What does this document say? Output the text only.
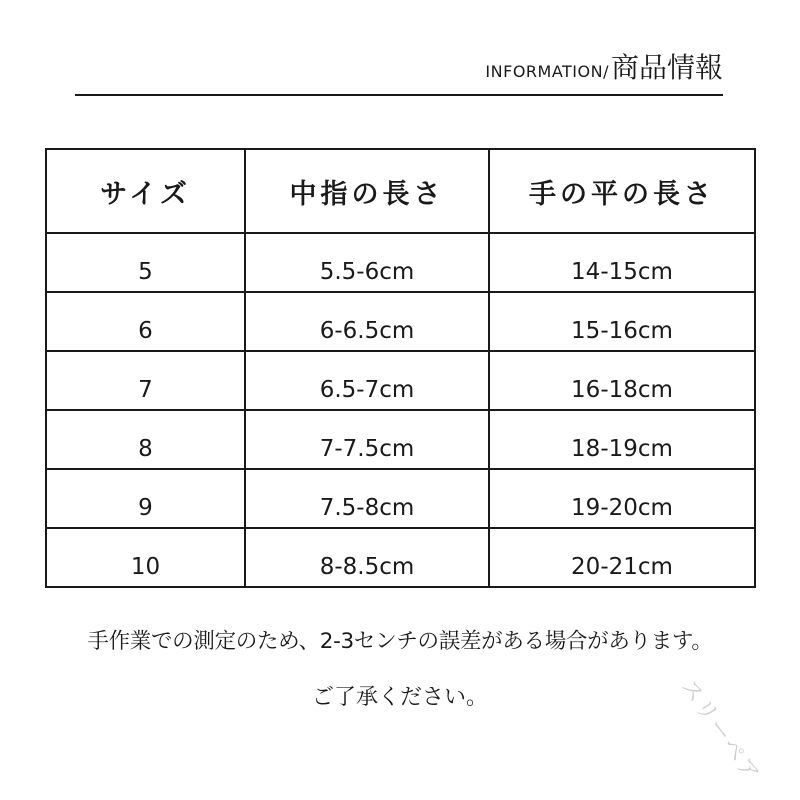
INFORMATION/ 商品情報
サイズ	中指の長さ	手の平の長さ
5	5.5-6cm	14-15cm
6	6-6.5cm	15-16cm
7	6.5-7cm	16-18cm
8	7-7.5cm	18-19cm
9	7.5-8cm	19-20cm
10	8-8.5cm	20-21cm
手作業での測定のため、2-3センチの誤差がある場合があります。
ご了承ください。	スリーペア
